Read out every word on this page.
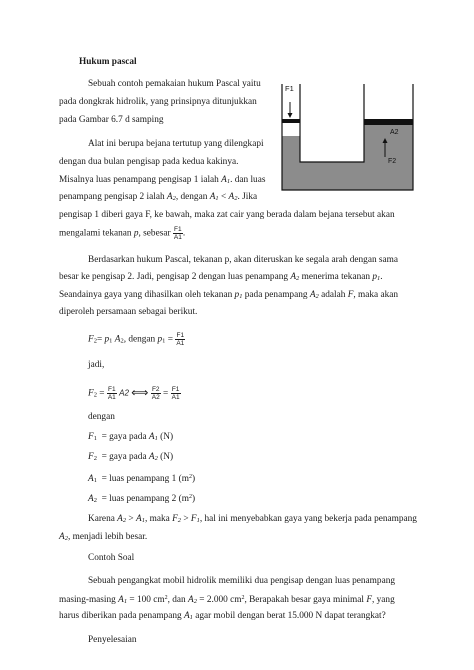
Hukum pascal
Sebuah contoh pemakaian hukum Pascal yaitu
pada dongkrak hidrolik, yang prinsipnya ditunjukkan
pada Gambar 6.7 d samping
F1
A1	A2
F2
Alat ini berupa bejana tertutup yang dilengkapi
dengan dua bulan pengisap pada kedua kakinya.
Misalnya luas penampang pengisap 1 ialah A1. dan luas
penampang pengisap 2 ialah A2, dengan A1 < A2. Jika
pengisap 1 diberi gaya F, ke bawah, maka zat cair yang berada dalam bejana tersebut akan
mengalami tekanan p, sebesar $\frac{F1}{A1}$ .
Berdasarkan hukum Pascal, tekanan p, akan diteruskan ke segala arah dengan sama
besar ke pengisap 2. Jadi, pengisap 2 dengan luas penampang A2 menerima tekanan p1.
Seandainya gaya yang dihasilkan oleh tekanan p1 pada penampang A2 adalah F, maka akan
diperoleh persamaan sebagai berikut.
F2= p1 A2, dengan $p1 = \frac{F1}{A1}$
jadi,
$F2 = \frac{F1}{A1} A2$ ⟺ $\frac{F2}{A2} = \frac{F1}{A1}$
dengan
F1 = gaya pada A1 (N)
F2 = gaya pada A2 (N)
A1 = luas penampang 1 $(m^2)$
A2 = luas penampang 2 $(m^2)$
Karena A2 > A1, maka F2 > F1, hal ini menyebabkan gaya yang bekerja pada penampang
A2, menjadi lebih besar.
Contoh Soal
Sebuah pengangkat mobil hidrolik memiliki dua pengisap dengan luas penampang
masing-masing A1 = 100 $cm^2$, dan A2 = 2.000 $cm^2$, Berapakah besar gaya minimal F, yang
harus diberikan pada penampang A1 agar mobil dengan berat 15.000 N dapat terangkat?
Penyelesaian
